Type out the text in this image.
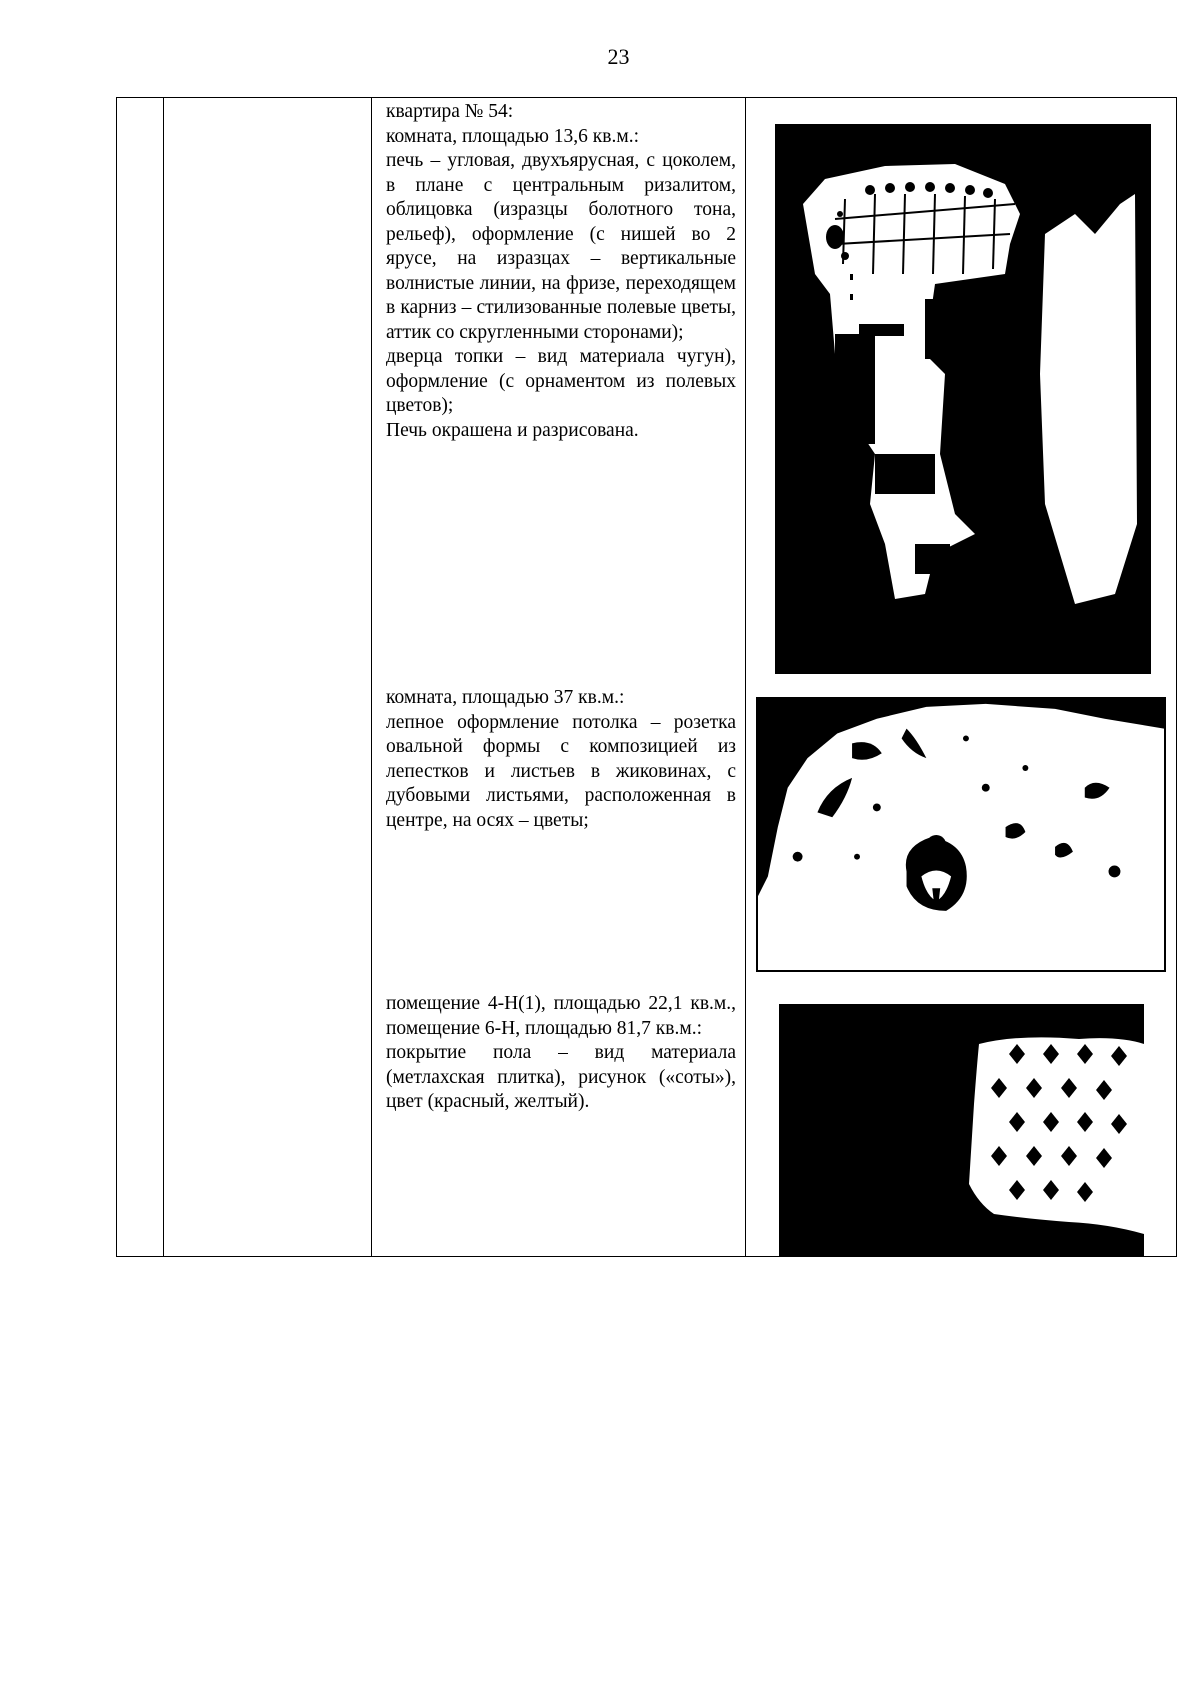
23

квартира № 54:

комната, площадью 13,6 кв.м.:

печь – угловая, двухъярусная, с цоколем, в плане с центральным ризалитом, облицовка (изразцы болотного тона, рельеф), оформление (с нишей во 2 ярусе, на изразцах – вертикальные волнистые линии, на фризе, переходящем в карниз – стилизованные полевые цветы, аттик со скругленными сторонами);

дверца топки – вид материала чугун), оформление (с орнаментом из полевых цветов);

Печь окрашена и разрисована.

комната, площадью 37 кв.м.:

лепное оформление потолка – розетка овальной формы с композицией из лепестков и листьев в жиковинах, с дубовыми листьями, расположенная в центре, на осях – цветы;

помещение 4-Н(1), площадью 22,1 кв.м., помещение 6-Н, площадью 81,7 кв.м.:

покрытие пола – вид материала (метлахская плитка), рисунок («соты»), цвет (красный, желтый).
